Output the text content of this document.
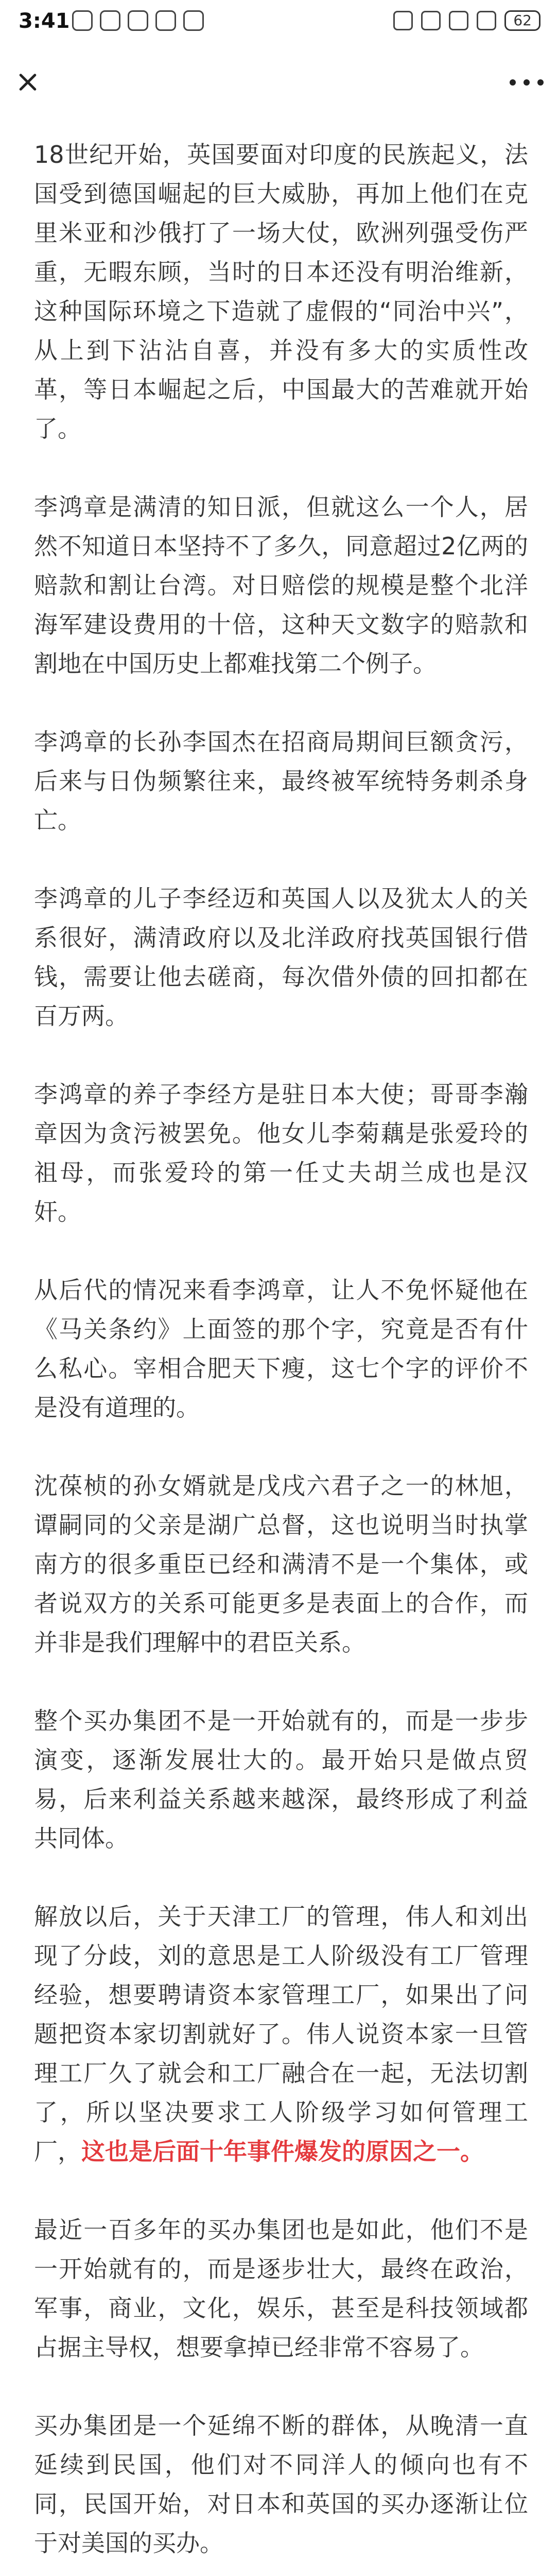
3:41	62

18世纪开始，英国要面对印度的民族起义，法国受到德国崛起的巨大威胁，再加上他们在克里米亚和沙俄打了一场大仗，欧洲列强受伤严重，无暇东顾，当时的日本还没有明治维新，这种国际环境之下造就了虚假的“同治中兴”，从上到下沾沾自喜，并没有多大的实质性改革，等日本崛起之后，中国最大的苦难就开始了。

李鸿章是满清的知日派，但就这么一个人，居然不知道日本坚持不了多久，同意超过2亿两的赔款和割让台湾。对日赔偿的规模是整个北洋海军建设费用的十倍，这种天文数字的赔款和割地在中国历史上都难找第二个例子。

李鸿章的长孙李国杰在招商局期间巨额贪污，后来与日伪频繁往来，最终被军统特务刺杀身亡。

李鸿章的儿子李经迈和英国人以及犹太人的关系很好，满清政府以及北洋政府找英国银行借钱，需要让他去磋商，每次借外债的回扣都在百万两。

李鸿章的养子李经方是驻日本大使；哥哥李瀚章因为贪污被罢免。他女儿李菊藕是张爱玲的祖母，而张爱玲的第一任丈夫胡兰成也是汉奸。

从后代的情况来看李鸿章，让人不免怀疑他在《马关条约》上面签的那个字，究竟是否有什么私心。宰相合肥天下瘦，这七个字的评价不是没有道理的。

沈葆桢的孙女婿就是戊戌六君子之一的林旭，谭嗣同的父亲是湖广总督，这也说明当时执掌南方的很多重臣已经和满清不是一个集体，或者说双方的关系可能更多是表面上的合作，而并非是我们理解中的君臣关系。

整个买办集团不是一开始就有的，而是一步步演变，逐渐发展壮大的。最开始只是做点贸易，后来利益关系越来越深，最终形成了利益共同体。

解放以后，关于天津工厂的管理，伟人和刘出现了分歧，刘的意思是工人阶级没有工厂管理经验，想要聘请资本家管理工厂，如果出了问题把资本家切割就好了。伟人说资本家一旦管理工厂久了就会和工厂融合在一起，无法切割了，所以坚决要求工人阶级学习如何管理工厂，这也是后面十年事件爆发的原因之一。

最近一百多年的买办集团也是如此，他们不是一开始就有的，而是逐步壮大，最终在政治，军事，商业，文化，娱乐，甚至是科技领域都占据主导权，想要拿掉已经非常不容易了。

买办集团是一个延绵不断的群体，从晚清一直延续到民国，他们对不同洋人的倾向也有不同，民国开始，对日本和英国的买办逐渐让位于对美国的买办。
